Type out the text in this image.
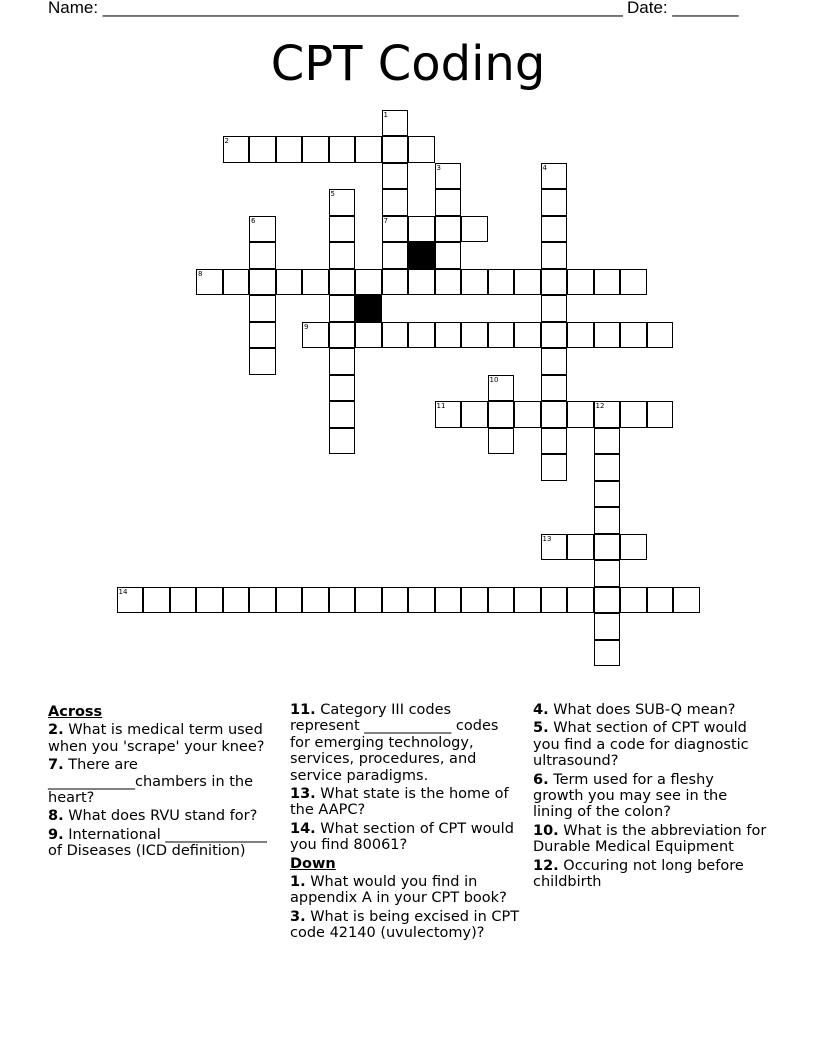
Name: _______________________________________________________ Date: _______
CPT Coding
1
7
2
3	4
5
6
8
9
10
11	12
13
14
Across
2. What is medical term used when you 'scrape' your knee?
7. There are ____________chambers in the heart?
8. What does RVU stand for?
9. International ______________ of Diseases (ICD definition)
11. Category III codes represent ____________ codes for emerging technology, services, procedures, and service paradigms.
13. What state is the home of the AAPC?
14. What section of CPT would you find 80061?
Down
1. What would you find in appendix A in your CPT book?
3. What is being excised in CPT code 42140 (uvulectomy)?
4. What does SUB-Q mean?
5. What section of CPT would you find a code for diagnostic ultrasound?
6. Term used for a fleshy growth you may see in the lining of the colon?
10. What is the abbreviation for Durable Medical Equipment
12. Occuring not long before childbirth
